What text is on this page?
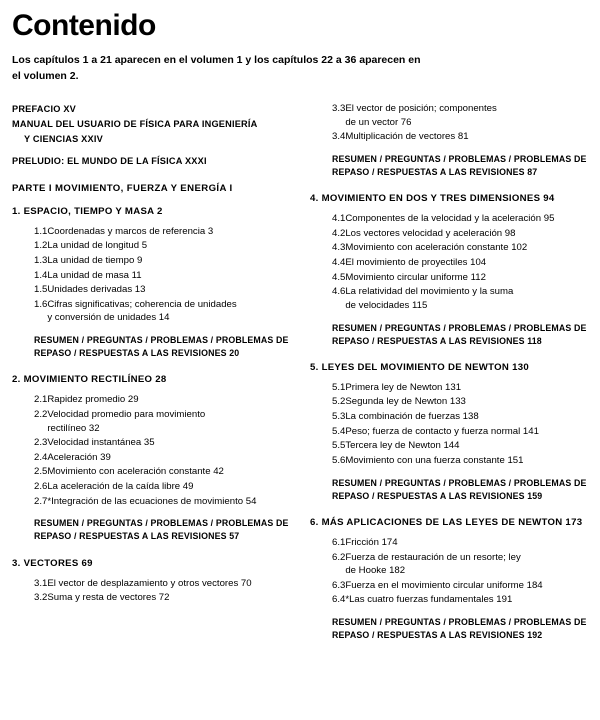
Contenido
Los capítulos 1 a 21 aparecen en el volumen 1 y los capítulos 22 a 36 aparecen en el volumen 2.
PREFACIO XV
MANUAL DEL USUARIO DE FÍSICA PARA INGENIERÍA
Y CIENCIAS XXIV
PRELUDIO: EL MUNDO DE LA FÍSICA XXXI
PARTE I MOVIMIENTO, FUERZA Y ENERGÍA I
1. ESPACIO, TIEMPO Y MASA 2
1.1 Coordenadas y marcos de referencia 3
1.2 La unidad de longitud 5
1.3 La unidad de tiempo 9
1.4 La unidad de masa 11
1.5 Unidades derivadas 13
1.6 Cifras significativas; coherencia de unidades
y conversión de unidades 14
RESUMEN / PREGUNTAS / PROBLEMAS / PROBLEMAS DE REPASO / RESPUESTAS A LAS REVISIONES 20
2. MOVIMIENTO RECTILÍNEO 28
2.1 Rapidez promedio 29
2.2 Velocidad promedio para movimiento
rectilíneo 32
2.3 Velocidad instantánea 35
2.4 Aceleración 39
2.5 Movimiento con aceleración constante 42
2.6 La aceleración de la caída libre 49
2.7* Integración de las ecuaciones de movimiento 54
RESUMEN / PREGUNTAS / PROBLEMAS / PROBLEMAS DE REPASO / RESPUESTAS A LAS REVISIONES 57
3. VECTORES 69
3.1 El vector de desplazamiento y otros vectores 70
3.2 Suma y resta de vectores 72
3.3 El vector de posición; componentes
de un vector 76
3.4 Multiplicación de vectores 81
RESUMEN / PREGUNTAS / PROBLEMAS / PROBLEMAS DE REPASO / RESPUESTAS A LAS REVISIONES 87
4. MOVIMIENTO EN DOS Y TRES DIMENSIONES 94
4.1 Componentes de la velocidad y la aceleración 95
4.2 Los vectores velocidad y aceleración 98
4.3 Movimiento con aceleración constante 102
4.4 El movimiento de proyectiles 104
4.5 Movimiento circular uniforme 112
4.6 La relatividad del movimiento y la suma
de velocidades 115
RESUMEN / PREGUNTAS / PROBLEMAS / PROBLEMAS DE REPASO / RESPUESTAS A LAS REVISIONES 118
5. LEYES DEL MOVIMIENTO DE NEWTON 130
5.1 Primera ley de Newton 131
5.2 Segunda ley de Newton 133
5.3 La combinación de fuerzas 138
5.4 Peso; fuerza de contacto y fuerza normal 141
5.5 Tercera ley de Newton 144
5.6 Movimiento con una fuerza constante 151
RESUMEN / PREGUNTAS / PROBLEMAS / PROBLEMAS DE REPASO / RESPUESTAS A LAS REVISIONES 159
6. MÁS APLICACIONES DE LAS LEYES DE NEWTON 173
6.1 Fricción 174
6.2 Fuerza de restauración de un resorte; ley
de Hooke 182
6.3 Fuerza en el movimiento circular uniforme 184
6.4* Las cuatro fuerzas fundamentales 191
RESUMEN / PREGUNTAS / PROBLEMAS / PROBLEMAS DE REPASO / RESPUESTAS A LAS REVISIONES 192
